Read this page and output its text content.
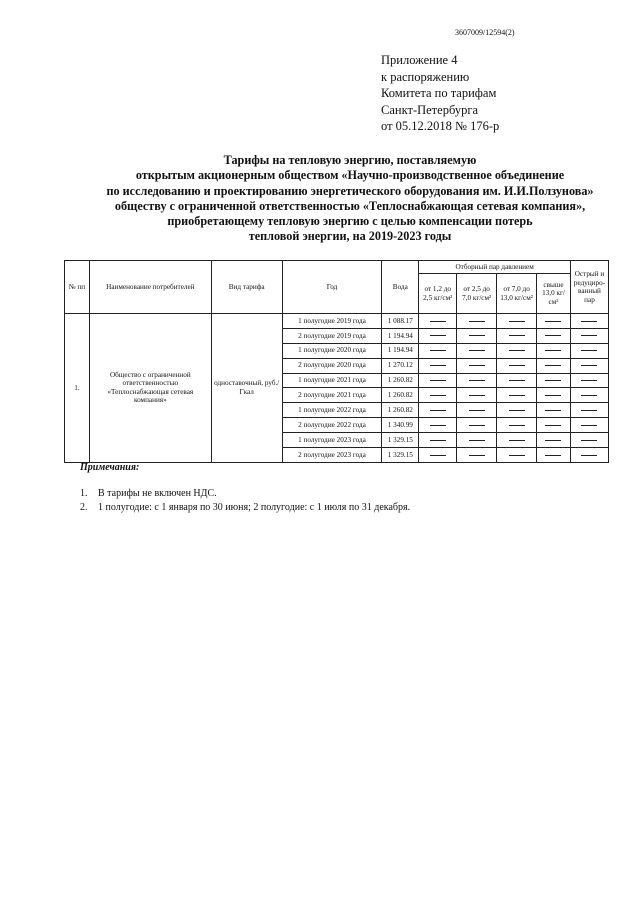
3607009/12594(2)
Приложение 4
к распоряжению
Комитета по тарифам
Санкт-Петербурга
от 05.12.2018 № 176-р
Тарифы на тепловую энергию, поставляемую
открытым акционерным обществом «Научно-производственное объединение
по исследованию и проектированию энергетического оборудования им. И.И.Ползунова»
обществу с ограниченной ответственностью «Теплоснабжающая сетевая компания»,
приобретающему тепловую энергию с целью компенсации потерь
тепловой энергии, на 2019-2023 годы
№ пп	Наименование потребителей	Вид тарифа	Год	Вода	Отборный пар давлением				Острый и редуциро-ванный пар
					от 1,2 до 2,5 кг/см²	от 2,5 до 7,0 кг/см²	от 7,0 до 13,0 кг/см²	свыше 13,0 кг/см²	
1.	Общество с ограниченной ответственностью «Теплоснабжающая сетевая компания»	одноставочный, руб./Гкал	1 полугодие 2019 года	1 088.17					
			2 полугодие 2019 года	1 194.94					
			1 полугодие 2020 года	1 194.94					
			2 полугодие 2020 года	1 270.12					
			1 полугодие 2021 года	1 260.82					
			2 полугодие 2021 года	1 260.82					
			1 полугодие 2022 года	1 260.82					
			2 полугодие 2022 года	1 340.99					
			1 полугодие 2023 года	1 329.15					
			2 полугодие 2023 года	1 329.15					
Примечания:
1. В тарифы не включен НДС.
2. 1 полугодие: с 1 января по 30 июня; 2 полугодие: с 1 июля по 31 декабря.
